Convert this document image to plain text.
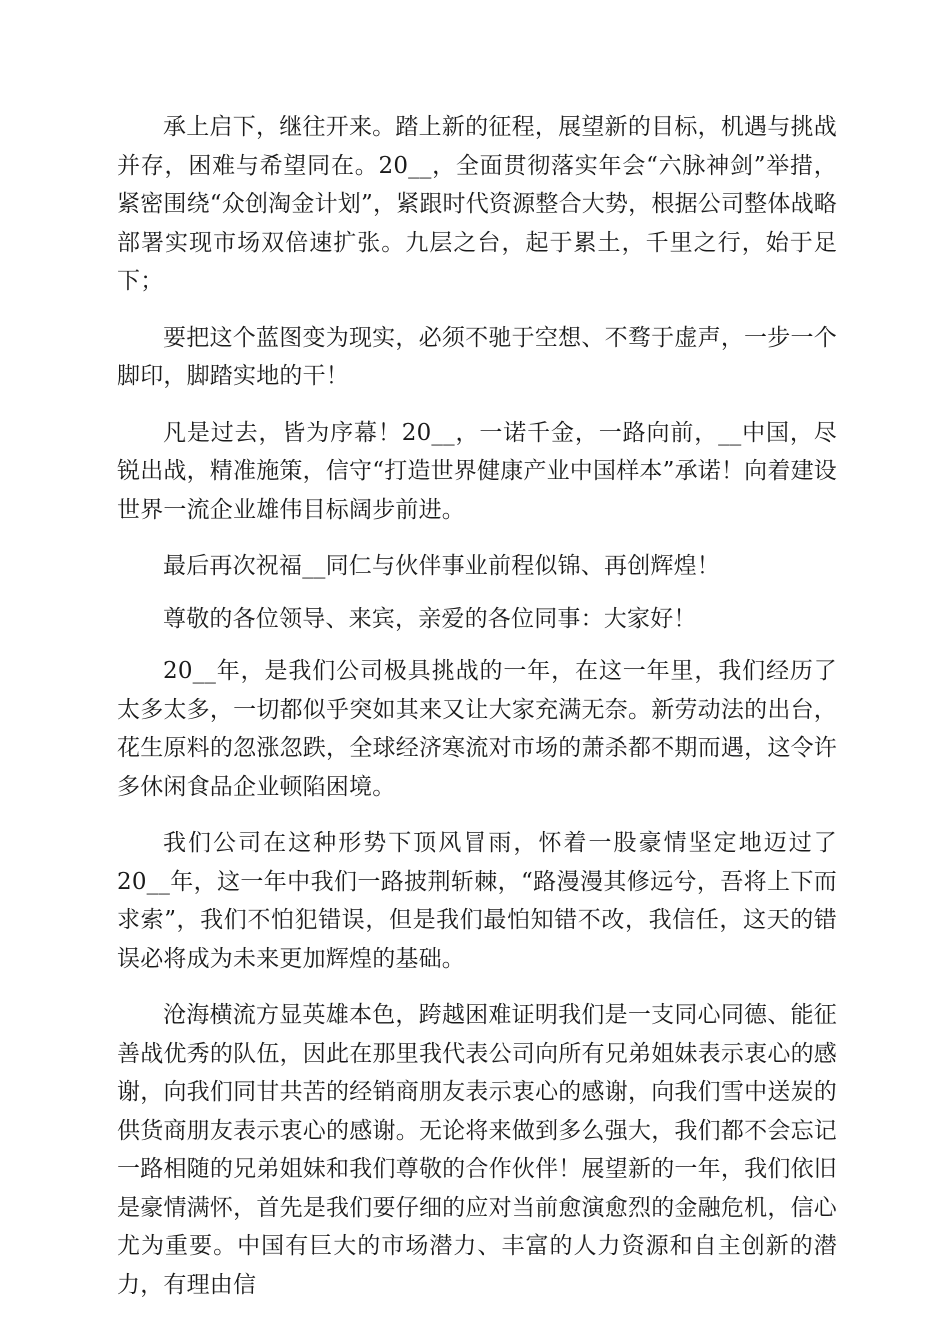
承上启下，继往开来。踏上新的征程，展望新的目标，机遇与挑战并存，困难与希望同在。20__，全面贯彻落实年会“六脉神剑”举措，紧密围绕“众创淘金计划”，紧跟时代资源整合大势，根据公司整体战略部署实现市场双倍速扩张。九层之台，起于累土，千里之行，始于足下；

要把这个蓝图变为现实，必须不驰于空想、不骛于虚声，一步一个脚印，脚踏实地的干！

凡是过去，皆为序幕！20__，一诺千金，一路向前，__中国，尽锐出战，精准施策，信守“打造世界健康产业中国样本”承诺！向着建设世界一流企业雄伟目标阔步前进。

最后再次祝福__同仁与伙伴事业前程似锦、再创辉煌！

尊敬的各位领导、来宾，亲爱的各位同事：大家好！

20__年，是我们公司极具挑战的一年，在这一年里，我们经历了太多太多，一切都似乎突如其来又让大家充满无奈。新劳动法的出台，花生原料的忽涨忽跌，全球经济寒流对市场的萧杀都不期而遇，这令许多休闲食品企业顿陷困境。

我们公司在这种形势下顶风冒雨，怀着一股豪情坚定地迈过了20__年，这一年中我们一路披荆斩棘，“路漫漫其修远兮，吾将上下而求索”，我们不怕犯错误，但是我们最怕知错不改，我信任，这天的错误必将成为未来更加辉煌的基础。

沧海横流方显英雄本色，跨越困难证明我们是一支同心同德、能征善战优秀的队伍，因此在那里我代表公司向所有兄弟姐妹表示衷心的感谢，向我们同甘共苦的经销商朋友表示衷心的感谢，向我们雪中送炭的供货商朋友表示衷心的感谢。无论将来做到多么强大，我们都不会忘记一路相随的兄弟姐妹和我们尊敬的合作伙伴！展望新的一年，我们依旧是豪情满怀，首先是我们要仔细的应对当前愈演愈烈的金融危机，信心尤为重要。中国有巨大的市场潜力、丰富的人力资源和自主创新的潜力，有理由信
